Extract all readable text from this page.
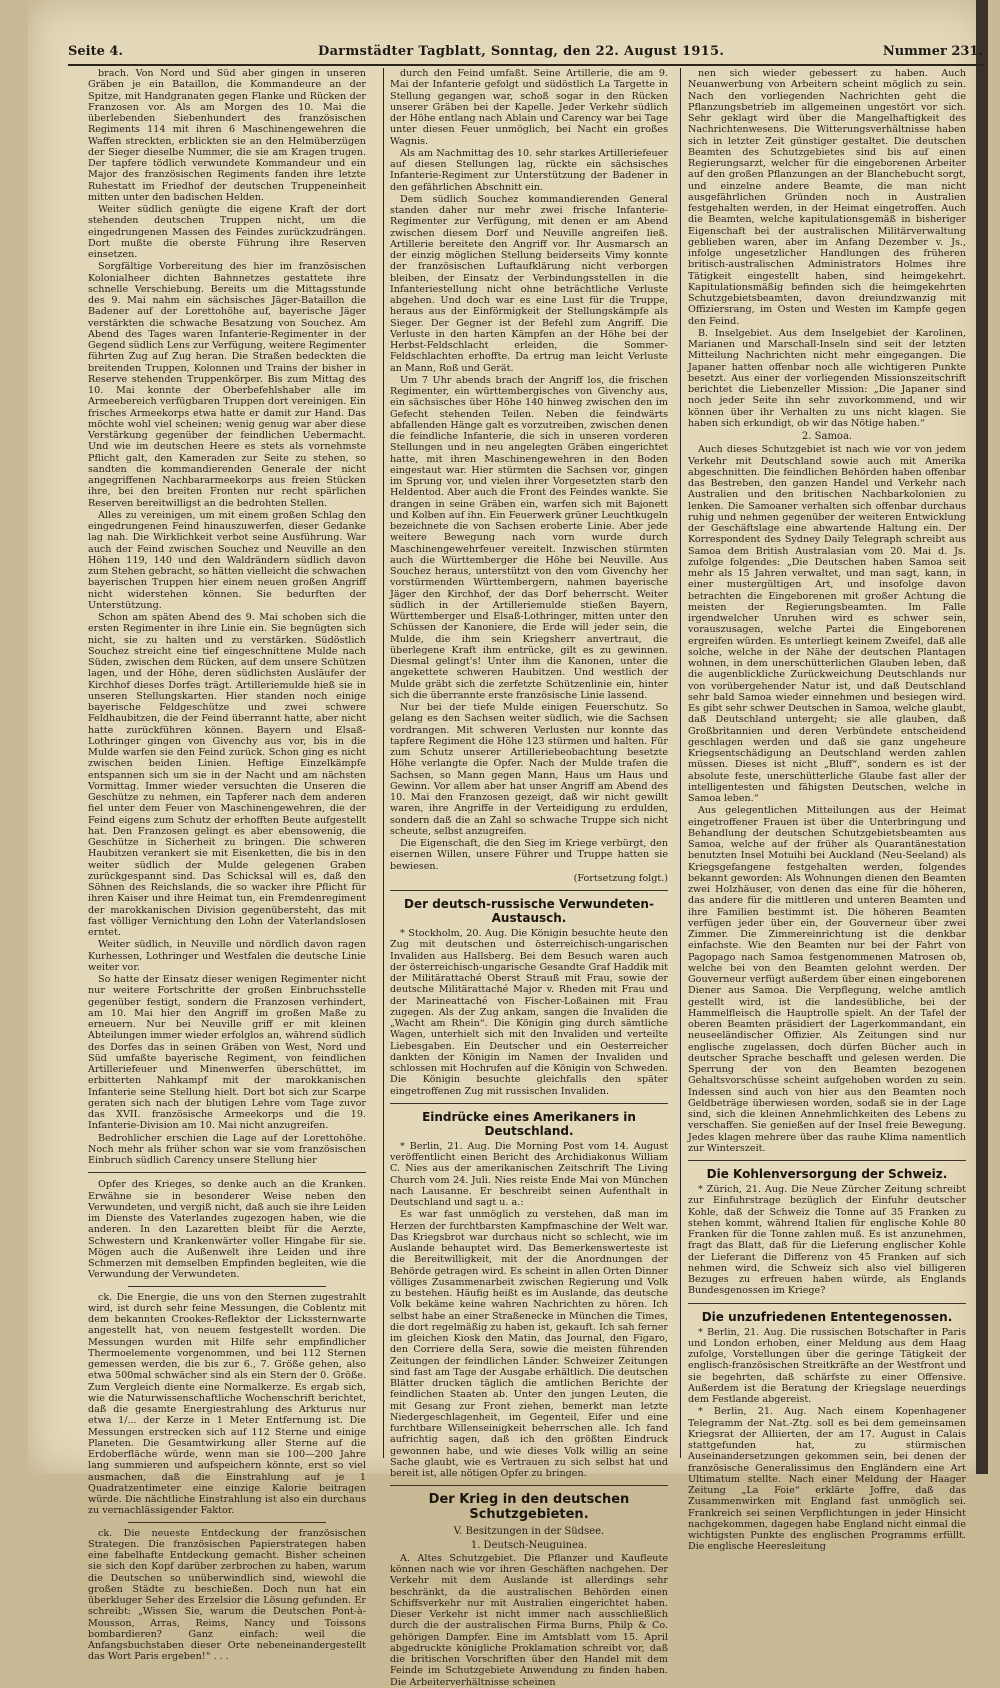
Seite 4.	Darmstädter Tagblatt, Sonntag, den 22. August 1915.	Nummer 231.

brach. Von Nord und Süd aber gingen in unseren Gräben je ein Bataillon, die Kommandeure an der Spitze, mit Handgranaten gegen Flanke und Rücken der Franzosen vor. Als am Morgen des 10. Mai die überlebenden Siebenhundert des französischen Regiments 114 mit ihren 6 Maschinengewehren die Waffen streckten, erblickten sie an den Helmüberzügen der Sieger dieselbe Nummer, die sie am Kragen trugen. Der tapfere tödlich verwundete Kommandeur und ein Major des französischen Regiments fanden ihre letzte Ruhestatt im Friedhof der deutschen Truppeneinheit mitten unter den badischen Helden.

Weiter südlich genügte die eigene Kraft der dort stehenden deutschen Truppen nicht, um die eingedrungenen Massen des Feindes zurückzudrängen. Dort mußte die oberste Führung ihre Reserven einsetzen.

Sorgfältige Vorbereitung des hier im französischen Kolonialheer dichten Bahnnetzes gestattete ihre schnelle Verschiebung. Bereits um die Mittagsstunde des 9. Mai nahm ein sächsisches Jäger-Bataillon die Badener auf der Lorettohöhe auf, bayerische Jäger verstärkten die schwache Besatzung von Souchez. Am Abend des Tages waren Infanterie-Regimenter in der Gegend südlich Lens zur Verfügung, weitere Regimenter führten Zug auf Zug heran. Die Straßen bedeckten die breitenden Truppen, Kolonnen und Trains der bisher in Reserve stehenden Truppenkörper. Bis zum Mittag des 10. Mai konnte der Oberbefehlshaber alle im Armeebereich verfügbaren Truppen dort vereinigen. Ein frisches Armeekorps etwa hatte er damit zur Hand. Das möchte wohl viel scheinen; wenig genug war aber diese Verstärkung gegenüber der feindlichen Uebermacht. Und wie im deutschen Heere es stets als vornehmste Pflicht galt, den Kameraden zur Seite zu stehen, so sandten die kommandierenden Generale der nicht angegriffenen Nachbararmeekorps aus freien Stücken ihre, bei den breiten Fronten nur recht spärlichen Reserven bereitwilligst an die bedrohten Stellen.

Alles zu vereinigen, um mit einem großen Schlag den eingedrungenen Feind hinauszuwerfen, dieser Gedanke lag nah. Die Wirklichkeit verbot seine Ausführung. War auch der Feind zwischen Souchez und Neuville an den Höhen 119, 140 und den Waldrändern südlich davon zum Stehen gebracht, so hätten vielleicht die schwachen bayerischen Truppen hier einem neuen großen Angriff nicht widerstehen können. Sie bedurften der Unterstützung.

Schon am späten Abend des 9. Mai schoben sich die ersten Regimenter in ihre Linie ein. Sie begnügten sich nicht, sie zu halten und zu verstärken. Südöstlich Souchez streicht eine tief eingeschnittene Mulde nach Süden, zwischen dem Rücken, auf dem unsere Schützen lagen, und der Höhe, deren südlichsten Ausläufer der Kirchhof dieses Dorfes trägt. Artilleriemulde hieß sie in unseren Stellungskarten. Hier standen noch einige bayerische Feldgeschütze und zwei schwere Feldhaubitzen, die der Feind überrannt hatte, aber nicht hatte zurückführen können. Bayern und Elsaß-Lothringer gingen von Givenchy aus vor, bis in die Mulde warfen sie den Feind zurück. Schon ging es nicht zwischen beiden Linien. Heftige Einzelkämpfe entspannen sich um sie in der Nacht und am nächsten Vormittag. Immer wieder versuchten die Unseren die Geschütze zu nehmen, ein Tapferer nach dem anderen fiel unter dem Feuer von Maschinengewehren, die der Feind eigens zum Schutz der erhofften Beute aufgestellt hat. Den Franzosen gelingt es aber ebensowenig, die Geschütze in Sicherheit zu bringen. Die schweren Haubitzen verankert sie mit Eisenketten, die bis in den weiter südlich der Mulde gelegenen Graben zurückgespannt sind. Das Schicksal will es, daß den Söhnen des Reichslands, die so wacker ihre Pflicht für ihren Kaiser und ihre Heimat tun, ein Fremdenregiment der marokkanischen Division gegenübersteht, das mit fast völliger Vernichtung den Lohn der Vaterlandslosen erntet.

Weiter südlich, in Neuville und nördlich davon ragen Kurhessen, Lothringer und Westfalen die deutsche Linie weiter vor.

So hatte der Einsatz dieser wenigen Regimenter nicht nur weitere Fortschritte der großen Einbruchsstelle gegenüber festigt, sondern die Franzosen verhindert, am 10. Mai hier den Angriff im großen Maße zu erneuern. Nur bei Neuville griff er mit kleinen Abteilungen immer wieder erfolglos an, während südlich des Dorfes das in seinen Gräben von West, Nord und Süd umfaßte bayerische Regiment, von feindlichen Artilleriefeuer und Minenwerfen überschüttet, im erbitterten Nahkampf mit der marokkanischen Infanterie seine Stellung hielt. Dort bot sich zur Scarpe geraten sich nach der blutigen Lehre vom Tage zuvor das XVII. französische Armeekorps und die 19. Infanterie-Division am 10. Mai nicht anzugreifen.

Bedrohlicher erschien die Lage auf der Lorettohöhe. Noch mehr als früher schon war sie vom französischen Einbruch südlich Carency unsere Stellung hier

Opfer des Krieges, so denke auch an die Kranken. Erwähne sie in besonderer Weise neben den Verwundeten, und vergiß nicht, daß auch sie ihre Leiden im Dienste des Vaterlandes zugezogen haben, wie die anderen. In den Lazaretten bleibt für die Aerzte, Schwestern und Krankenwärter voller Hingabe für sie. Mögen auch die Außenwelt ihre Leiden und ihre Schmerzen mit demselben Empfinden begleiten, wie die Verwundung der Verwundeten.

ck. Die Energie, die uns von den Sternen zugestrahlt wird, ist durch sehr feine Messungen, die Coblentz mit dem bekannten Crookes-Reflektor der Lickssternwarte angestellt hat, von neuem festgestellt worden. Die Messungen wurden mit Hilfe sehr empfindlicher Thermoelemente vorgenommen, und bei 112 Sternen gemessen werden, die bis zur 6., 7. Größe gehen, also etwa 500mal schwächer sind als ein Stern der 0. Größe. Zum Vergleich diente eine Normalkerze. Es ergab sich, wie die Naturwissenschaftliche Wochenschrift berichtet, daß die gesamte Energiestrahlung des Arkturus nur etwa 1/... der Kerze in 1 Meter Entfernung ist. Die Messungen erstrecken sich auf 112 Sterne und einige Planeten. Die Gesamtwirkung aller Sterne auf die Erdoberfläche würde, wenn man sie 100—200 Jahre lang summieren und aufspeichern könnte, erst so viel ausmachen, daß die Einstrahlung auf je 1 Quadratzentimeter eine einzige Kalorie beitragen würde. Die nächtliche Einstrahlung ist also ein durchaus zu vernachlässigender Faktor.

ck. Die neueste Entdeckung der französischen Strategen. Die französischen Papierstrategen haben eine fabelhafte Entdeckung gemacht. Bisher scheinen sie sich den Kopf darüber zerbrochen zu haben, warum die Deutschen so unüberwindlich sind, wiewohl die großen Städte zu beschießen. Doch nun hat ein überkluger Seher des Erzelsior die Lösung gefunden. Er schreibt: „Wissen Sie, warum die Deutschen Pont-à-Mousson, Arras, Reims, Nancy und Toissons bombardieren? Ganz einfach: weil die Anfangsbuchstaben dieser Orte nebeneinandergestellt das Wort Paris ergeben!“ . . .

durch den Feind umfaßt. Seine Artillerie, die am 9. Mai der Infanterie gefolgt und südöstlich La Targette in Stellung gegangen war, schoß sogar in den Rücken unserer Gräben bei der Kapelle. Jeder Verkehr südlich der Höhe entlang nach Ablain und Carency war bei Tage unter diesen Feuer unmöglich, bei Nacht ein großes Wagnis.

Als am Nachmittag des 10. sehr starkes Artilleriefeuer auf diesen Stellungen lag, rückte ein sächsisches Infanterie-Regiment zur Unterstützung der Badener in den gefährlichen Abschnitt ein.

Dem südlich Souchez kommandierenden General standen daher nur mehr zwei frische Infanterie-Regimenter zur Verfügung, mit denen er am Abend zwischen diesem Dorf und Neuville angreifen ließ. Artillerie bereitete den Angriff vor. Ihr Ausmarsch an der einzig möglichen Stellung beiderseits Vimy konnte der französischen Luftaufklärung nicht verborgen bleiben, der Einsatz der Verbindungsstellen in die Infanteriestellung nicht ohne beträchtliche Verluste abgehen. Und doch war es eine Lust für die Truppe, heraus aus der Einförmigkeit der Stellungskämpfe als Sieger. Der Gegner ist der Befehl zum Angriff. Die Verluste in den harten Kämpfen an der Höhe bei der Herbst-Feldschlacht erleiden, die Sommer-Feldschlachten erhoffte. Da ertrug man leicht Verluste an Mann, Roß und Gerät.

Um 7 Uhr abends brach der Angriff los, die frischen Regimenter, ein württembergisches von Givenchy aus, ein sächsisches über Höhe 140 hinweg zwischen den im Gefecht stehenden Teilen. Neben die feindwärts abfallenden Hänge galt es vorzutreiben, zwischen denen die feindliche Infanterie, die sich in unseren vorderen Stellungen und in neu angelegten Gräben eingerichtet hatte, mit ihren Maschinengewehren in den Boden eingestaut war. Hier stürmten die Sachsen vor, gingen im Sprung vor, und vielen ihrer Vorgesetzten starb den Heldentod. Aber auch die Front des Feindes wankte. Sie drangen in seine Gräben ein, warfen sich mit Bajonett und Kolben auf ihn. Ein Feuerwerk grüner Leuchtkugeln bezeichnete die von Sachsen eroberte Linie. Aber jede weitere Bewegung nach vorn wurde durch Maschinengewehrfeuer vereitelt. Inzwischen stürmten auch die Württemberger die Höhe bei Neuville. Aus Souchez heraus, unterstützt von den vom Givenchy her vorstürmenden Württembergern, nahmen bayerische Jäger den Kirchhof, der das Dorf beherrscht. Weiter südlich in der Artilleriemulde stießen Bayern, Württemberger und Elsaß-Lothringer, mitten unter den Schüssen der Kanoniere, die Erde will jeder sein, die Mulde, die ihm sein Kriegsherr anvertraut, die überlegene Kraft ihm entrücke, gilt es zu gewinnen. Diesmal gelingt's! Unter ihm die Kanonen, unter die angekettete schweren Haubitzen. Und westlich der Mulde gräbt sich die zerfetzte Schützenlinie ein, hinter sich die überrannte erste französische Linie lassend.

Nur bei der tiefe Mulde einigen Feuerschutz. So gelang es den Sachsen weiter südlich, wie die Sachsen vordrangen. Mit schweren Verlusten nur konnte das tapfere Regiment die Höhe 123 stürmen und halten. Für zum Schutz unserer Artilleriebeobachtung besetzte Höhe verlangte die Opfer. Nach der Mulde trafen die Sachsen, so Mann gegen Mann, Haus um Haus und Gewinn. Vor allem aber hat unser Angriff am Abend des 10. Mai den Franzosen gezeigt, daß wir nicht gewillt waren, ihre Angriffe in der Verteidigung zu erdulden, sondern daß die an Zahl so schwache Truppe sich nicht scheute, selbst anzugreifen.

Die Eigenschaft, die den Sieg im Kriege verbürgt, den eisernen Willen, unsere Führer und Truppe hatten sie bewiesen.

(Fortsetzung folgt.)

Der deutsch-russische Verwundeten-Austausch.

* Stockholm, 20. Aug. Die Königin besuchte heute den Zug mit deutschen und österreichisch-ungarischen Invaliden aus Hallsberg. Bei dem Besuch waren auch der österreichisch-ungarische Gesandte Graf Haddik mit der Militärattaché Oberst Strauß mit Frau, sowie der deutsche Militärattaché Major v. Rheden mit Frau und der Marineattaché von Fischer-Loßainen mit Frau zugegen. Als der Zug ankam, sangen die Invaliden die „Wacht am Rhein“. Die Königin ging durch sämtliche Wagen, unterhielt sich mit den Invaliden und verteilte Liebesgaben. Ein Deutscher und ein Oesterreicher dankten der Königin im Namen der Invaliden und schlossen mit Hochrufen auf die Königin von Schweden. Die Königin besuchte gleichfalls den später eingetroffenen Zug mit russischen Invaliden.

Eindrücke eines Amerikaners in Deutschland.

* Berlin, 21. Aug. Die Morning Post vom 14. August veröffentlicht einen Bericht des Archidiakonus William C. Nies aus der amerikanischen Zeitschrift The Living Church vom 24. Juli. Nies reiste Ende Mai von München nach Lausanne. Er beschreibt seinen Aufenthalt in Deutschland und sagt u. a.:

Es war fast unmöglich zu verstehen, daß man im Herzen der furchtbarsten Kampfmaschine der Welt war. Das Kriegsbrot war durchaus nicht so schlecht, wie im Auslande behauptet wird. Das Bemerkenswerteste ist die Bereitwilligkeit, mit der die Anordnungen der Behörde getragen wird. Es scheint in allen Orten Dinner völliges Zusammenarbeit zwischen Regierung und Volk zu bestehen. Häufig heißt es im Auslande, das deutsche Volk bekäme keine wahren Nachrichten zu hören. Ich selbst habe an einer Straßenecke in München die Times, die dort regelmäßig zu haben ist, gekauft. Ich sah ferner im gleichen Kiosk den Matin, das Journal, den Figaro, den Corriere della Sera, sowie die meisten führenden Zeitungen der feindlichen Länder. Schweizer Zeitungen sind fast am Tage der Ausgabe erhältlich. Die deutschen Blätter drucken täglich die amtlichen Berichte der feindlichen Staaten ab. Unter den jungen Leuten, die mit Gesang zur Front ziehen, bemerkt man letzte Niedergeschlagenheit, im Gegenteil, Eifer und eine furchtbare Willenseinigkeit beherrschen alle. Ich fand aufrichtig sagen, daß ich den größten Eindruck gewonnen habe, und wie dieses Volk willig an seine Sache glaubt, wie es Vertrauen zu sich selbst hat und bereit ist, alle nötigen Opfer zu bringen.

Der Krieg in den deutschen Schutzgebieten.
V. Besitzungen in der Südsee.
1. Deutsch-Neuguinea.

A. Altes Schutzgebiet. Die Pflanzer und Kaufleute können nach wie vor ihren Geschäften nachgehen. Der Verkehr mit dem Auslande ist allerdings sehr beschränkt, da die australischen Behörden einen Schiffsverkehr nur mit Australien eingerichtet haben. Dieser Verkehr ist nicht immer nach ausschließlich durch die der australischen Firma Burns, Philp & Co. gehörigen Dampfer. Eine im Amtsblatt vom 15. April abgedruckte königliche Proklamation schreibt vor, daß die britischen Vorschriften über den Handel mit dem Feinde im Schutzgebiete Anwendung zu finden haben. Die Arbeiterverhältnisse scheinen

nen sich wieder gebessert zu haben. Auch Neuanwerbung von Arbeitern scheint möglich zu sein. Nach den vorliegenden Nachrichten geht die Pflanzungsbetrieb im allgemeinen ungestört vor sich. Sehr geklagt wird über die Mangelhaftigkeit des Nachrichtenwesens. Die Witterungsverhältnisse haben sich in letzter Zeit günstiger gestaltet. Die deutschen Beamten des Schutzgebietes sind bis auf einen Regierungsarzt, welcher für die eingeborenen Arbeiter auf den großen Pflanzungen an der Blanchebucht sorgt, und einzelne andere Beamte, die man nicht ausgefährlichen Gründen noch in Australien festgehalten werden, in der Heimat eingetroffen. Auch die Beamten, welche kapitulationsgemäß in bisheriger Eigenschaft bei der australischen Militärverwaltung geblieben waren, aber im Anfang Dezember v. Js., infolge ungesetzlicher Handlungen des früheren britisch-australischen Administrators Holmes ihre Tätigkeit eingestellt haben, sind heimgekehrt. Kapitulationsmäßig befinden sich die heimgekehrten Schutzgebietsbeamten, davon dreiundzwanzig mit Offiziersrang, im Osten und Westen im Kampfe gegen den Feind.

B. Inselgebiet. Aus dem Inselgebiet der Karolinen, Marianen und Marschall-Inseln sind seit der letzten Mitteilung Nachrichten nicht mehr eingegangen. Die Japaner hatten offenbar noch alle wichtigeren Punkte besetzt. Aus einer der vorliegenden Missionszeitschrift berichtet die Liebenzeller Mission: „Die Japaner sind noch jeder Seite ihn sehr zuvorkommend, und wir können über ihr Verhalten zu uns nicht klagen. Sie haben sich erkundigt, ob wir das Nötige haben.“

2. Samoa.

Auch dieses Schutzgebiet ist nach wie vor von jedem Verkehr mit Deutschland sowie auch mit Amerika abgeschnitten. Die feindlichen Behörden haben offenbar das Bestreben, den ganzen Handel und Verkehr nach Australien und den britischen Nachbarkolonien zu lenken. Die Samoaner verhalten sich offenbar durchaus ruhig und nehmen gegenüber der weiteren Entwicklung der Geschäftslage eine abwartende Haltung ein. Der Korrespondent des Sydney Daily Telegraph schreibt aus Samoa dem British Australasian vom 20. Mai d. Js. zufolge folgendes: „Die Deutschen haben Samoa seit mehr als 15 Jahren verwaltet, und man sagt, kann, in einer mustergültigen Art, und insofolge davon betrachten die Eingeborenen mit großer Achtung die meisten der Regierungsbeamten. Im Falle irgendwelcher Unruhen wird es schwer sein, vorauszusagen, welche Partei die Eingeborenen ergreifen würden. Es unterliegt keinem Zweifel, daß alle solche, welche in der Nähe der deutschen Plantagen wohnen, in dem unerschütterlichen Glauben leben, daß die augenblickliche Zurückweichung Deutschlands nur von vorübergehender Natur ist, und daß Deutschland sehr bald Samoa wieder einnehmen und besiegen wird. Es gibt sehr schwer Deutschen in Samoa, welche glaubt, daß Deutschland untergeht; sie alle glauben, daß Großbritannien und deren Verbündete entscheidend geschlagen werden und daß sie ganz ungeheure Kriegsentschädigung an Deutschland werden zahlen müssen. Dieses ist nicht „Bluff“, sondern es ist der absolute feste, unerschütterliche Glaube fast aller der intelligentesten und fähigsten Deutschen, welche in Samoa leben.“

Aus gelegentlichen Mitteilungen aus der Heimat eingetroffener Frauen ist über die Unterbringung und Behandlung der deutschen Schutzgebietsbeamten aus Samoa, welche auf der früher als Quarantänestation benutzten Insel Motuihi bei Auckland (Neu-Seeland) als Kriegsgefangene festgehalten werden, folgendes bekannt geworden: Als Wohnungen dienen den Beamten zwei Holzhäuser, von denen das eine für die höheren, das andere für die mittleren und unteren Beamten und ihre Familien bestimmt ist. Die höheren Beamten verfügen jeder über ein, der Gouverneur über zwei Zimmer. Die Zimmereinrichtung ist die denkbar einfachste. Wie den Beamten nur bei der Fahrt von Pagopago nach Samoa festgenommenen Matrosen ob, welche bei von den Beamten gelohnt werden. Der Gouverneur verfügt außerdem über einen eingeborenen Diener aus Samoa. Die Verpflegung, welche amtlich gestellt wird, ist die landesübliche, bei der Hammelfleisch die Hauptrolle spielt. An der Tafel der oberen Beamten präsidiert der Lagerkommandant, ein neuseeländischer Offizier. Als Zeitungen sind nur englische zugelassen, doch dürfen Bücher auch in deutscher Sprache beschafft und gelesen werden. Die Sperrung der von den Beamten bezogenen Gehaltsvorschüsse scheint aufgehoben worden zu sein. Indessen sind auch von hier aus den Beamten noch Geldbeträge überwiesen worden, sodaß sie in der Lage sind, sich die kleinen Annehmlichkeiten des Lebens zu verschaffen. Sie genießen auf der Insel freie Bewegung. Jedes klagen mehrere über das rauhe Klima namentlich zur Winterszeit.

Die Kohlenversorgung der Schweiz.

* Zürich, 21. Aug. Die Neue Zürcher Zeitung schreibt zur Einfuhrstrage bezüglich der Einfuhr deutscher Kohle, daß der Schweiz die Tonne auf 35 Franken zu stehen kommt, während Italien für englische Kohle 80 Franken für die Tonne zahlen muß. Es ist anzunehmen, fragt das Blatt, daß für die Lieferung englischer Kohle der Lieferant die Differenz von 45 Franken auf sich nehmen wird, die Schweiz sich also viel billigeren Bezuges zu erfreuen haben würde, als Englands Bundesgenossen im Kriege?

Die unzufriedenen Ententegenossen.

* Berlin, 21. Aug. Die russischen Botschafter in Paris und London erhoben, einer Meldung aus dem Haag zufolge, Vorstellungen über die geringe Tätigkeit der englisch-französischen Streitkräfte an der Westfront und sie begehrten, daß schärfste zu einer Offensive. Außerdem ist die Beratung der Kriegslage neuerdings dem Festlande abgereist.

* Berlin, 21. Aug. Nach einem Kopenhagener Telegramm der Nat.-Ztg. soll es bei dem gemeinsamen Kriegsrat der Alliierten, der am 17. August in Calais stattgefunden hat, zu stürmischen Auseinandersetzungen gekommen sein, bei denen der französische Generalissimus den Engländern eine Art Ultimatum stellte. Nach einer Meldung der Haager Zeitung „La Foie“ erklärte Joffre, daß das Zusammenwirken mit England fast unmöglich sei. Frankreich sei seinen Verpflichtungen in jeder Hinsicht nachgekommen, dagegen habe England nicht einmal die wichtigsten Punkte des englischen Programms erfüllt. Die englische Heeresleitung
